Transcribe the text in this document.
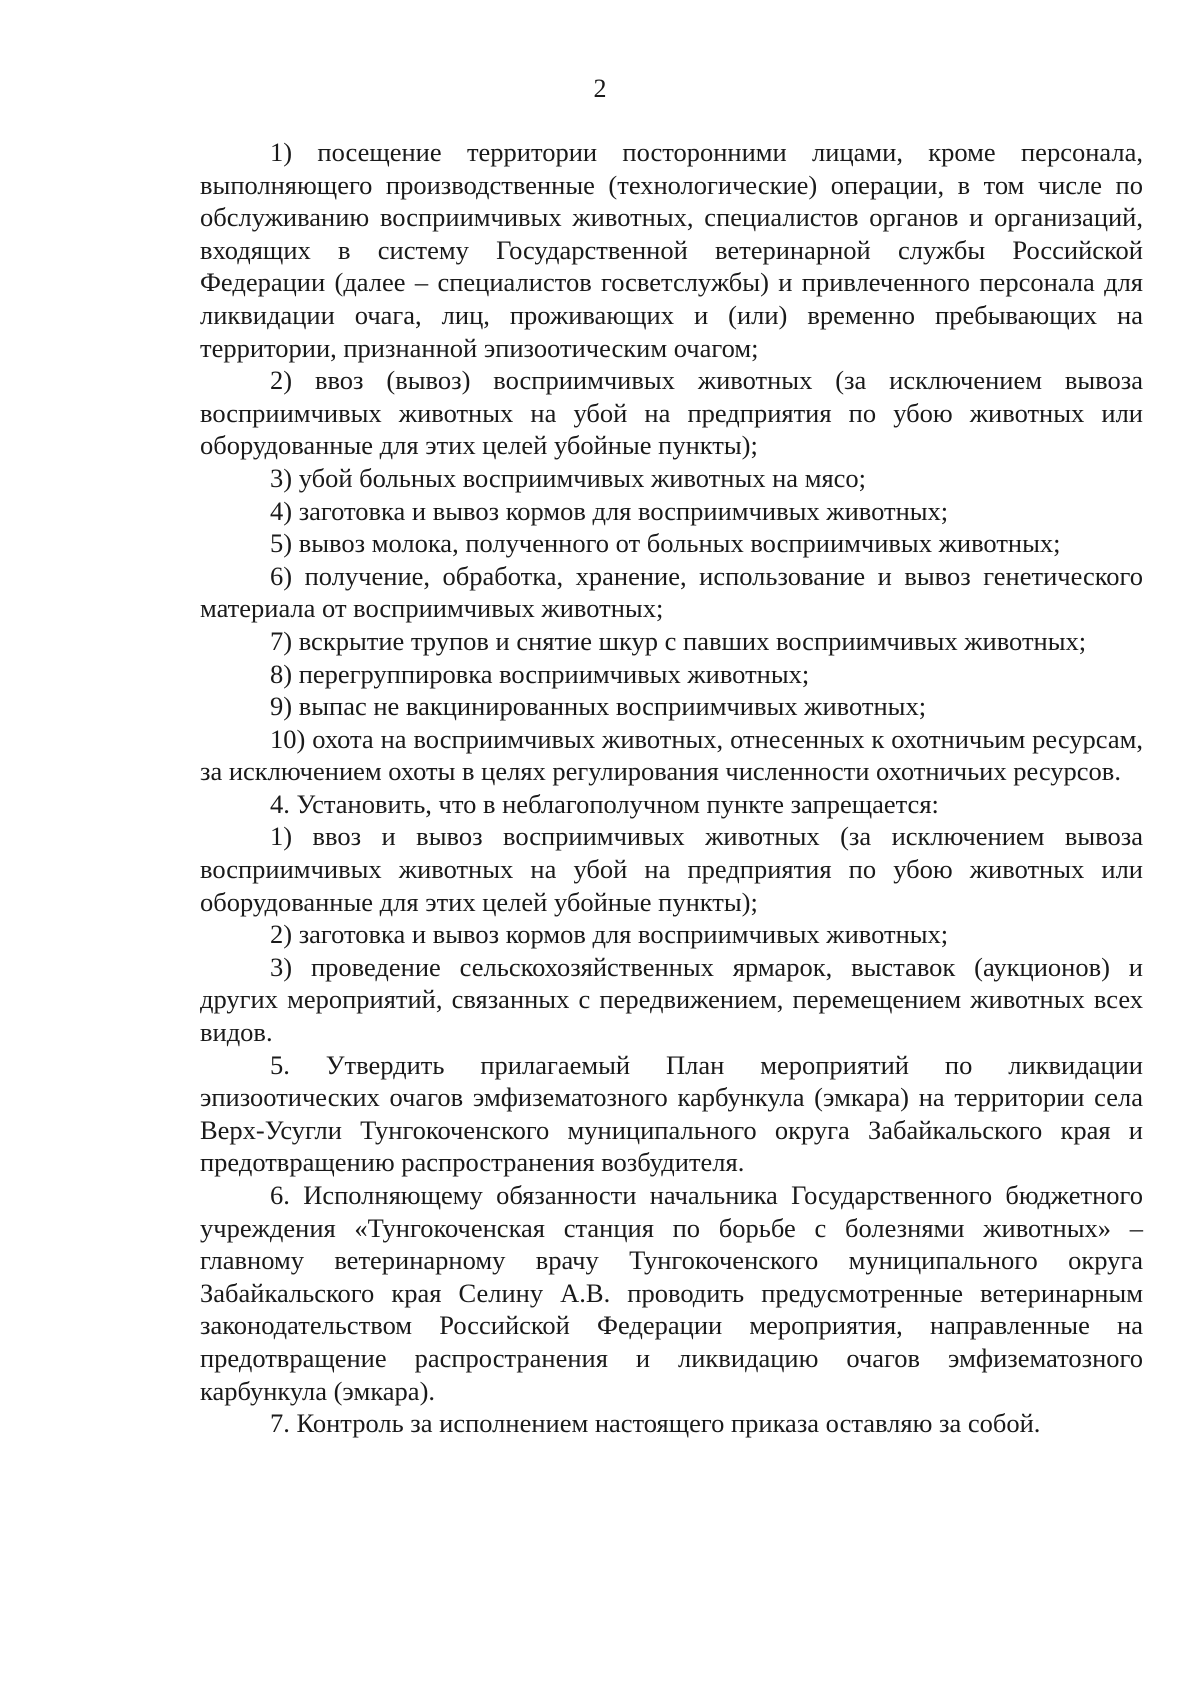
2

1) посещение территории посторонними лицами, кроме персонала, выполняющего производственные (технологические) операции, в том числе по обслуживанию восприимчивых животных, специалистов органов и организаций, входящих в систему Государственной ветеринарной службы Российской Федерации (далее – специалистов госветслужбы) и привлеченного персонала для ликвидации очага, лиц, проживающих и (или) временно пребывающих на территории, признанной эпизоотическим очагом;

2) ввоз (вывоз) восприимчивых животных (за исключением вывоза восприимчивых животных на убой на предприятия по убою животных или оборудованные для этих целей убойные пункты);

3) убой больных восприимчивых животных на мясо;

4) заготовка и вывоз кормов для восприимчивых животных;

5) вывоз молока, полученного от больных восприимчивых животных;

6) получение, обработка, хранение, использование и вывоз генетического материала от восприимчивых животных;

7) вскрытие трупов и снятие шкур с павших восприимчивых животных;

8) перегруппировка восприимчивых животных;

9) выпас не вакцинированных восприимчивых животных;

10) охота на восприимчивых животных, отнесенных к охотничьим ресурсам, за исключением охоты в целях регулирования численности охотничьих ресурсов.

4. Установить, что в неблагополучном пункте запрещается:

1) ввоз и вывоз восприимчивых животных (за исключением вывоза восприимчивых животных на убой на предприятия по убою животных или оборудованные для этих целей убойные пункты);

2) заготовка и вывоз кормов для восприимчивых животных;

3) проведение сельскохозяйственных ярмарок, выставок (аукционов) и других мероприятий, связанных с передвижением, перемещением животных всех видов.

5. Утвердить прилагаемый План мероприятий по ликвидации эпизоотических очагов эмфизематозного карбункула (эмкара) на территории села Верх-Усугли Тунгокоченского муниципального округа Забайкальского края и предотвращению распространения возбудителя.

6. Исполняющему обязанности начальника Государственного бюджетного учреждения «Тунгокоченская станция по борьбе с болезнями животных» – главному ветеринарному врачу Тунгокоченского муниципального округа Забайкальского края Селину А.В. проводить предусмотренные ветеринарным законодательством Российской Федерации мероприятия, направленные на предотвращение распространения и ликвидацию очагов эмфизематозного карбункула (эмкара).

7. Контроль за исполнением настоящего приказа оставляю за собой.
